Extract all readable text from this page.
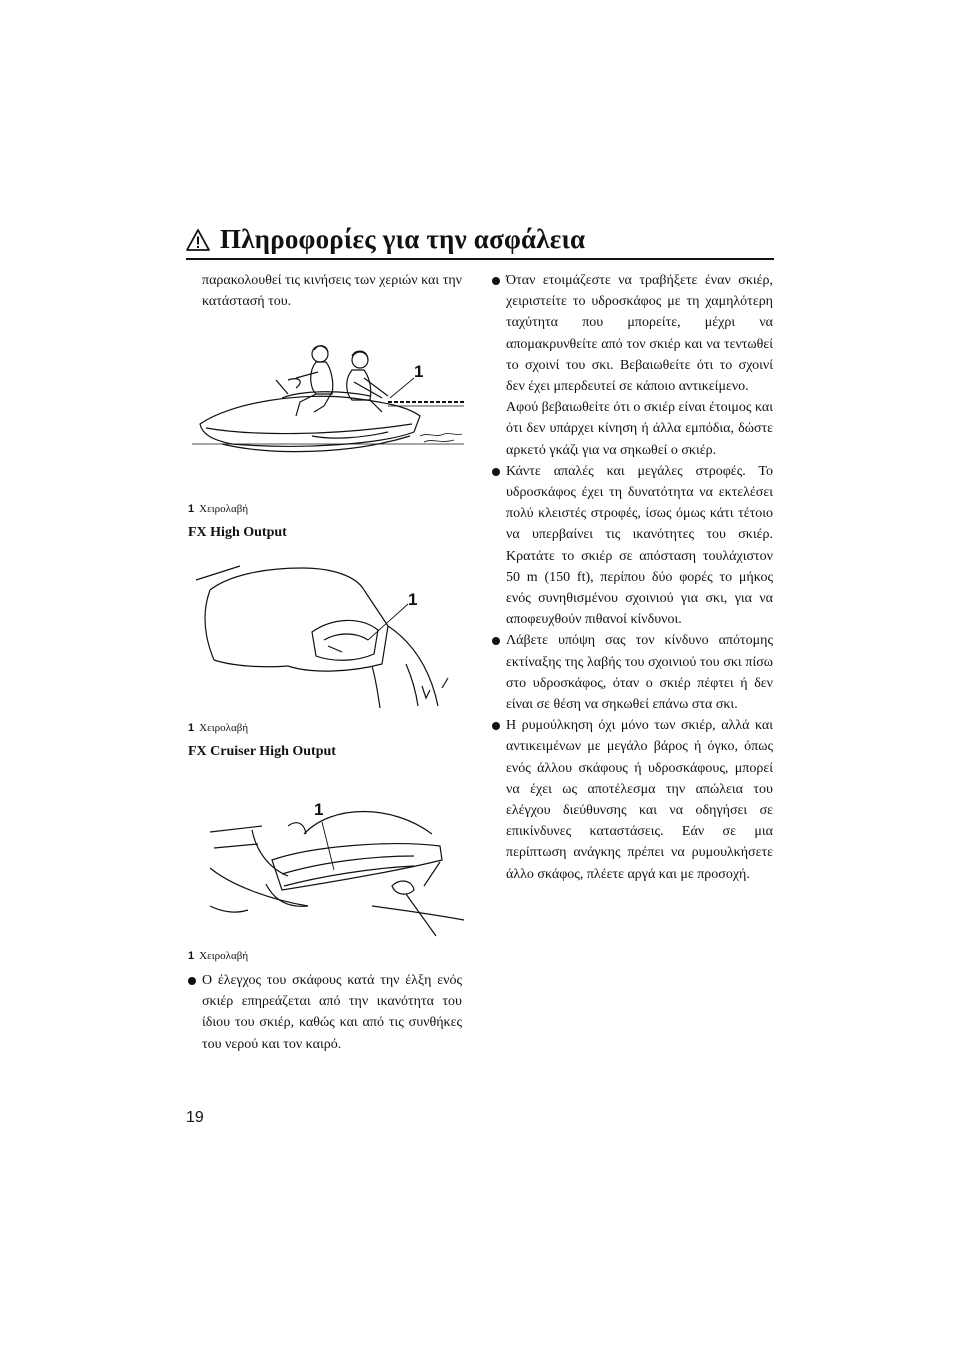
Πληροφορίες για την ασφάλεια

παρακολουθεί τις κινήσεις των χεριών και την κατάστασή του.

1
1 Χειρολαβή
FX High Output
1
1 Χειρολαβή
FX Cruiser High Output
1
1 Χειρολαβή

Ο έλεγχος του σκάφους κατά την έλξη ενός σκιέρ επηρεάζεται από την ικανότητα του ίδιου του σκιέρ, καθώς και από τις συνθήκες του νερού και τον καιρό.

Όταν ετοιμάζεστε να τραβήξετε έναν σκιέρ, χειριστείτε το υδροσκάφος με τη χαμηλότερη ταχύτητα που μπορείτε, μέχρι να απομακρυνθείτε από τον σκιέρ και να τεντωθεί το σχοινί του σκι. Βεβαιωθείτε ότι το σχοινί δεν έχει μπερδευτεί σε κάποιο αντικείμενο.

Αφού βεβαιωθείτε ότι ο σκιέρ είναι έτοιμος και ότι δεν υπάρχει κίνηση ή άλλα εμπόδια, δώστε αρκετό γκάζι για να σηκωθεί ο σκιέρ.

Κάντε απαλές και μεγάλες στροφές. Το υδροσκάφος έχει τη δυνατότητα να εκτελέσει πολύ κλειστές στροφές, ίσως όμως κάτι τέτοιο να υπερβαίνει τις ικανότητες του σκιέρ. Κρατάτε το σκιέρ σε απόσταση τουλάχιστον 50 m (150 ft), περίπου δύο φορές το μήκος ενός συνηθισμένου σχοινιού για σκι, για να αποφευχθούν πιθανοί κίνδυνοι.

Λάβετε υπόψη σας τον κίνδυνο απότομης εκτίναξης της λαβής του σχοινιού του σκι πίσω στο υδροσκάφος, όταν ο σκιέρ πέφτει ή δεν είναι σε θέση να σηκωθεί επάνω στα σκι.

Η ρυμούλκηση όχι μόνο των σκιέρ, αλλά και αντικειμένων με μεγάλο βάρος ή όγκο, όπως ενός άλλου σκάφους ή υδροσκάφους, μπορεί να έχει ως αποτέλεσμα την απώλεια του ελέγχου διεύθυνσης και να οδηγήσει σε επικίνδυνες καταστάσεις. Εάν σε μια περίπτωση ανάγκης πρέπει να ρυμουλκήσετε άλλο σκάφος, πλέετε αργά και με προσοχή.

19
